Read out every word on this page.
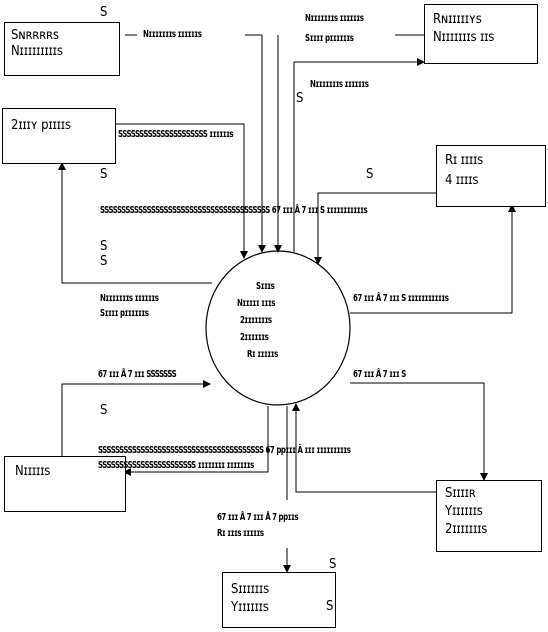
Sɴʀʀʀʀs
Nɪɪɪɪɪɪɪɪɪs
Rɴɪɪɪɪɪʏs
Nɪɪɪɪɪɪɪs ɪɪs
2ɪɪɪʏ pɪɪɪɪs
Rɪ ɪɪɪɪs
4 ɪɪɪɪs
Nɪɪɪɪɪs
Sɪɪɪɪʀ
Yɪɪɪɪɪɪs
2ɪɪɪɪɪɪɪs
Sɪɪɪɪɪɪs
Yɪɪɪɪɪɪs
Sɪɪɪs
Nɪɪɪɪɪ ɪɪɪs
2ɪɪɪɪɪɪɪs
2ɪɪɪɪɪɪs
Rɪ ɪɪɪɪɪs
Nɪɪɪɪɪɪɪs ɪɪɪɪɪɪs
Nɪɪɪɪɪɪɪs ɪɪɪɪɪɪs
Sɪɪɪɪ pɪɪɪɪɪɪs
Nɪɪɪɪɪɪɪs ɪɪɪɪɪɪs
SSSSSSSSSSSSSSSSSSSSS ɪɪɪɪɪɪs
SSSSSSSSSSSSSSSSSSSSSSSSSSSSSSSSSSSSSSSS 67 ɪɪɪ Å 7 ɪɪɪ S ɪɪɪɪɪɪɪɪɪɪɪs
Nɪɪɪɪɪɪɪs ɪɪɪɪɪɪs
Sɪɪɪɪ pɪɪɪɪɪɪs
67 ɪɪɪ Å 7 ɪɪɪ S ɪɪɪɪɪɪɪɪɪɪɪs
67 ɪɪɪ Å 7 ɪɪɪ SSSSSSS	67 ɪɪɪ Å 7 ɪɪɪ S
SSSSSSSSSSSSSSSSSSSSSSSSSSSSSSSSSSSSSSS 67 ppɪɪɪ Ä ɪɪɪ ɪɪɪɪɪɪɪɪɪs
SSSSSSSSSSSSSSSSSSSSSSS ɪɪɪɪɪɪɪɪ ɪɪɪɪɪɪɪs
67 ɪɪɪ Å 7 ɪɪɪ Å 7 ppɪɪs
Rɪ ɪɪɪs ɪɪɪɪɪs
S
S
S	S
S
S
S
S
S
